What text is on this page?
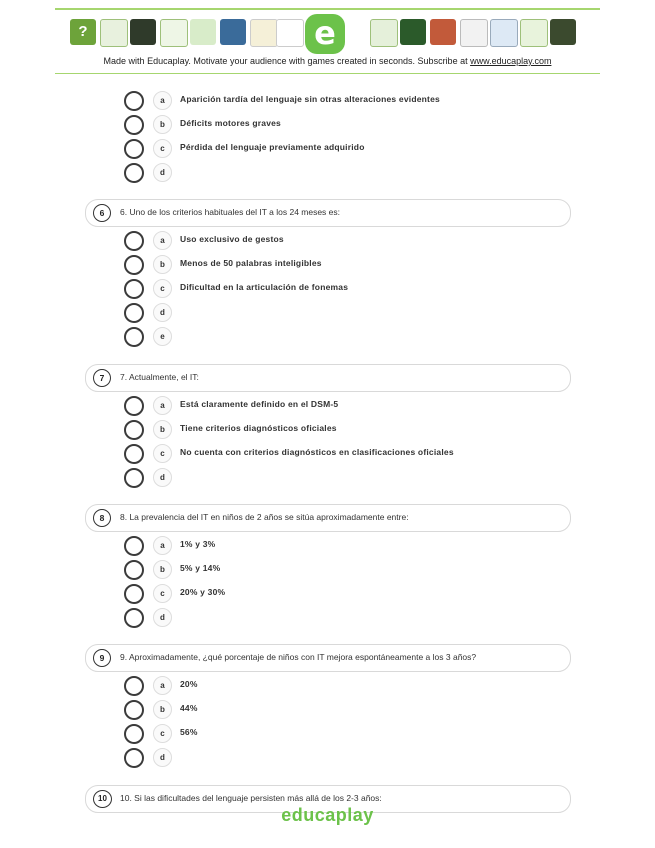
?	e
Made with Educaplay. Motivate your audience with games created in seconds. Subscribe at www.educaplay.com
a	Aparición tardía del lenguaje sin otras alteraciones evidentes
b	Déficits motores graves
c	Pérdida del lenguaje previamente adquirido
d
6	6. Uno de los criterios habituales del IT a los 24 meses es:
a	Uso exclusivo de gestos
b	Menos de 50 palabras inteligibles
c	Dificultad en la articulación de fonemas
d
e
7	7. Actualmente, el IT:
a	Está claramente definido en el DSM-5
b	Tiene criterios diagnósticos oficiales
c	No cuenta con criterios diagnósticos en clasificaciones oficiales
d
8	8. La prevalencia del IT en niños de 2 años se sitúa aproximadamente entre:
a	1% y 3%
b	5% y 14%
c	20% y 30%
d
9	9. Aproximadamente, ¿qué porcentaje de niños con IT mejora espontáneamente a los 3 años?
a	20%
b	44%
c	56%
d
10	10. Si las dificultades del lenguaje persisten más allá de los 2-3 años:
educaplay
